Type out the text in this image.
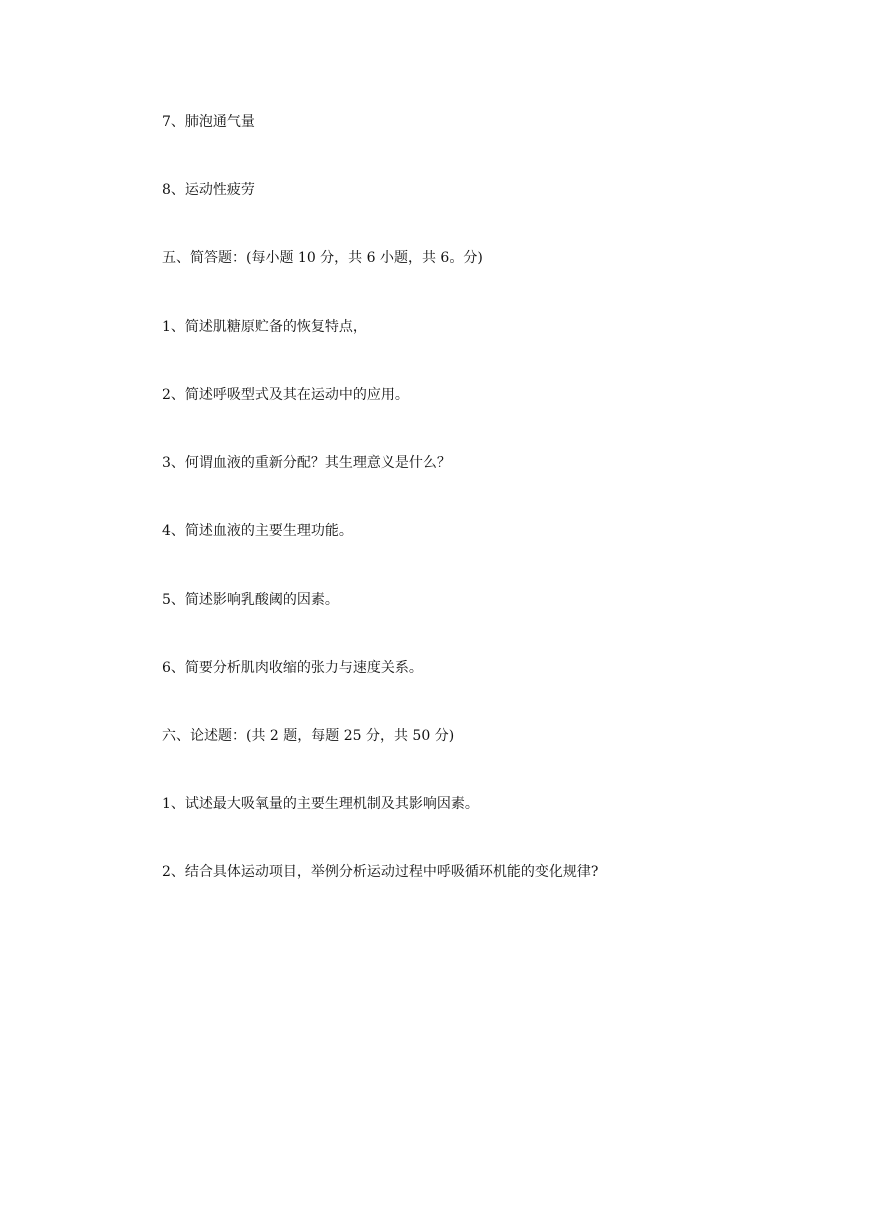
7、肺泡通气量

8、运动性疲劳

五、简答题：(每小题 10 分，共 6 小题，共 6。分)

1、简述肌糖原贮备的恢复特点，

2、简述呼吸型式及其在运动中的应用。

3、何谓血液的重新分配？其生理意义是什么？

4、简述血液的主要生理功能。

5、简述影响乳酸阈的因素。

6、简要分析肌肉收缩的张力与速度关系。

六、论述题：(共 2 题，每题 25 分，共 50 分)

1、试述最大吸氧量的主要生理机制及其影响因素。

2、结合具体运动项目，举例分析运动过程中呼吸循环机能的变化规律?
